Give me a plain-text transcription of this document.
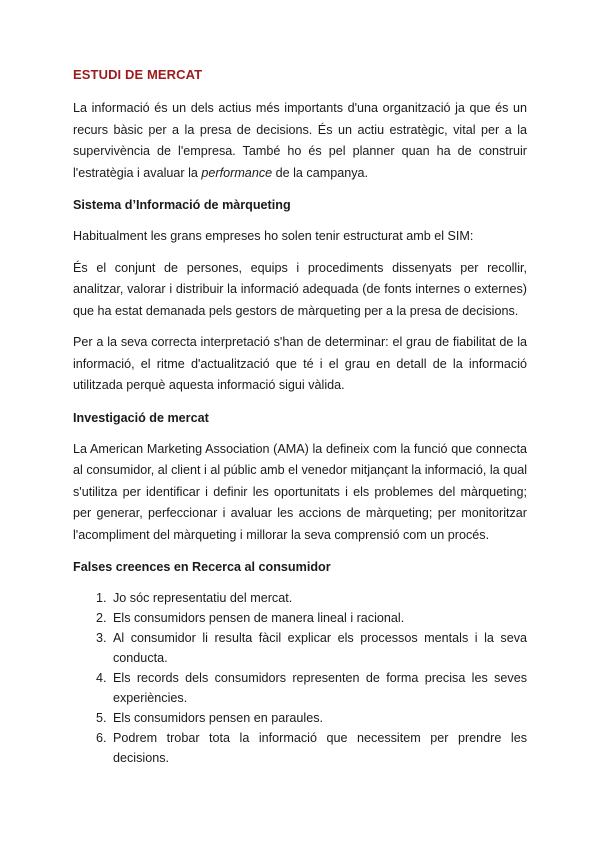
ESTUDI DE MERCAT

La informació és un dels actius més importants d'una organització ja que és un recurs bàsic per a la presa de decisions. És un actiu estratègic, vital per a la supervivència de l'empresa. També ho és pel planner quan ha de construir l'estratègia i avaluar la performance de la campanya.

Sistema d’Informació de màrqueting

Habitualment les grans empreses ho solen tenir estructurat amb el SIM:

És el conjunt de persones, equips i procediments dissenyats per recollir, analitzar, valorar i distribuir la informació adequada (de fonts internes o externes) que ha estat demanada pels gestors de màrqueting per a la presa de decisions.

Per a la seva correcta interpretació s'han de determinar: el grau de fiabilitat de la informació, el ritme d'actualització que té i el grau en detall de la informació utilitzada perquè aquesta informació sigui vàlida.

Investigació de mercat

La American Marketing Association (AMA) la defineix com la funció que connecta al consumidor, al client i al públic amb el venedor mitjançant la informació, la qual s'utilitza per identificar i definir les oportunitats i els problemes del màrqueting; per generar, perfeccionar i avaluar les accions de màrqueting; per monitoritzar l'acompliment del màrqueting i millorar la seva comprensió com un procés.

Falses creences en Recerca al consumidor
1. Jo sóc representatiu del mercat.
2. Els consumidors pensen de manera lineal i racional.
3. Al consumidor li resulta fàcil explicar els processos mentals i la seva conducta.
4. Els records dels consumidors representen de forma precisa les seves experiències.
5. Els consumidors pensen en paraules.
6. Podrem trobar tota la informació que necessitem per prendre les decisions.
